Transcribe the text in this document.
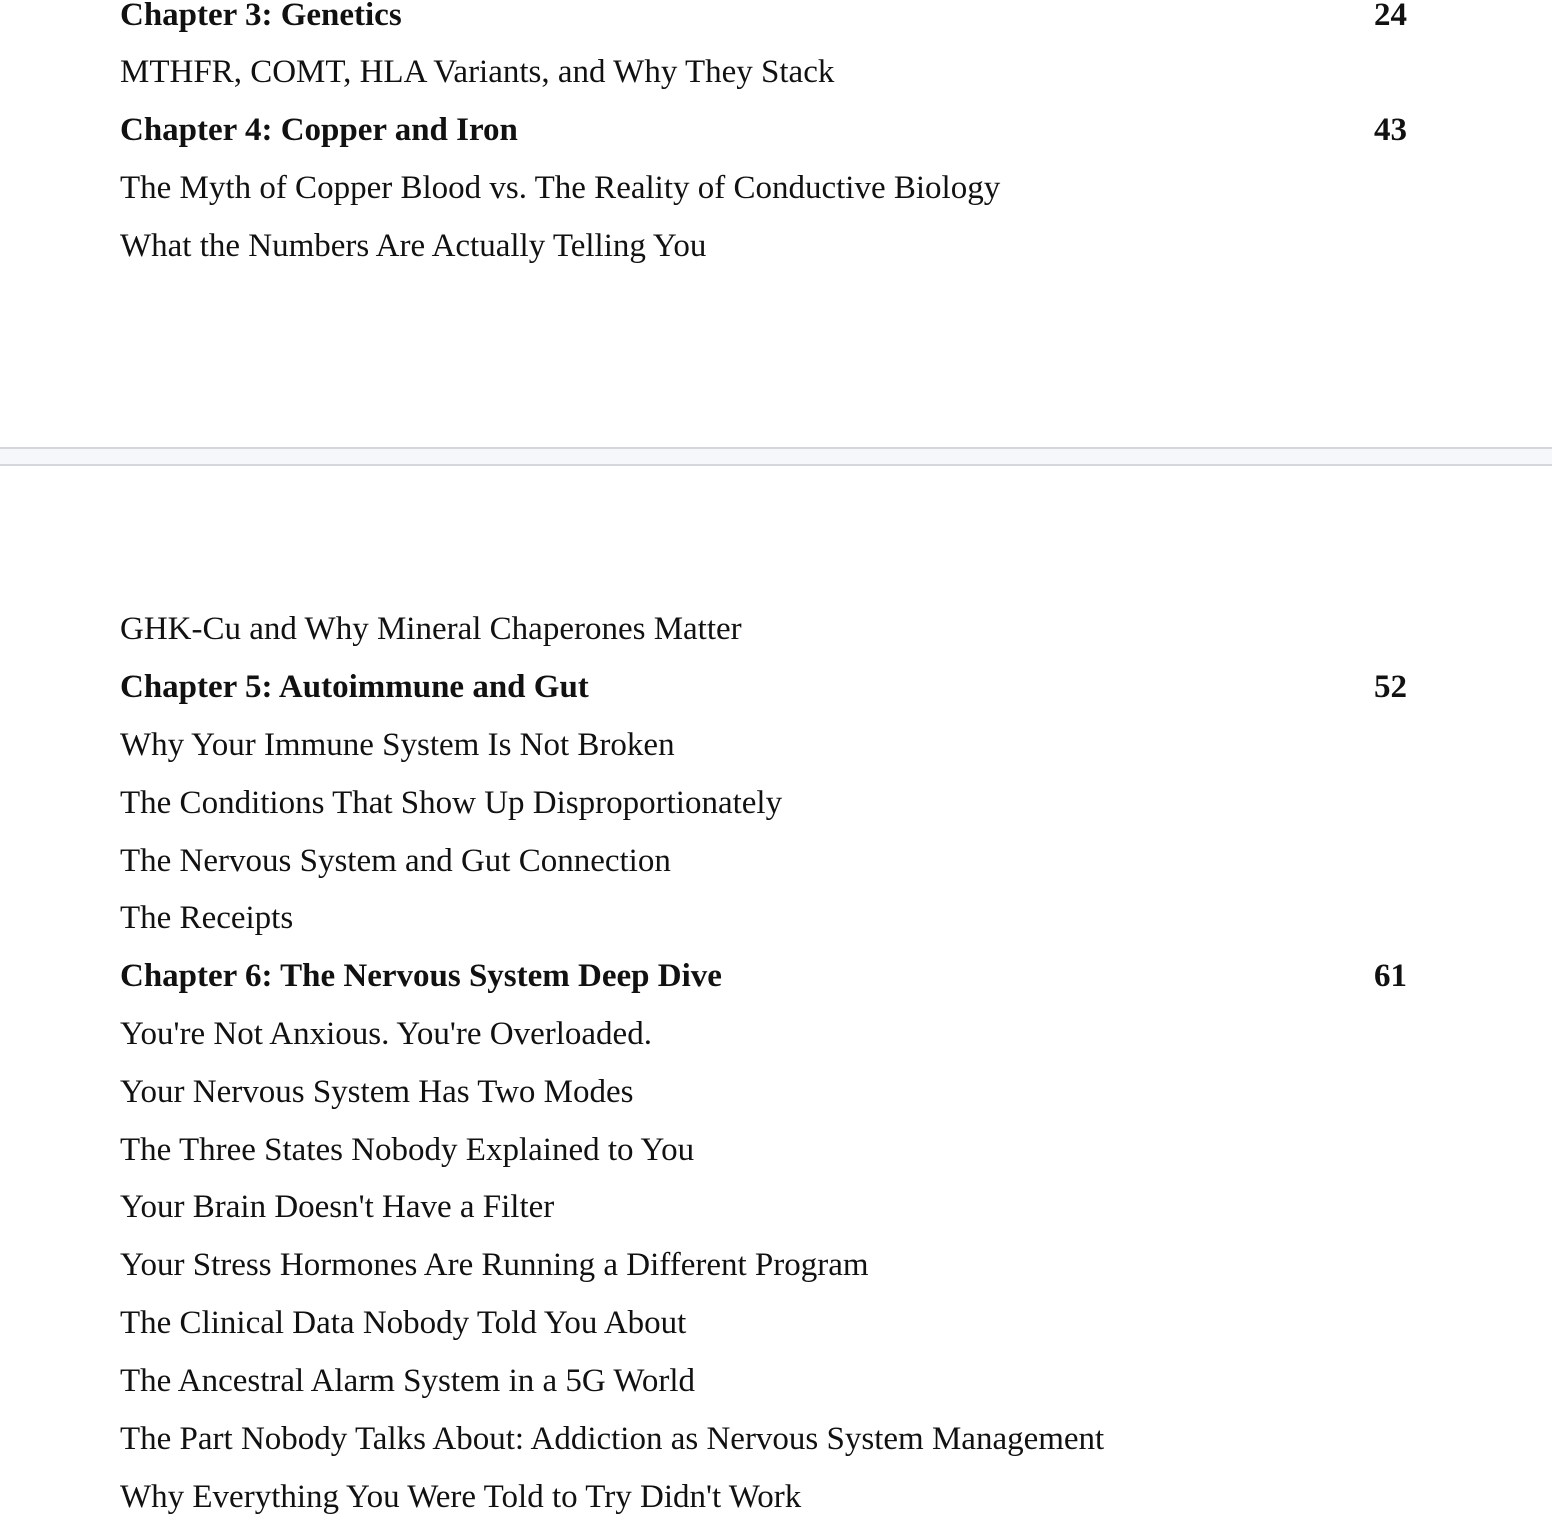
Chapter 3: Genetics	24
MTHFR, COMT, HLA Variants, and Why They Stack
Chapter 4: Copper and Iron	43
The Myth of Copper Blood vs. The Reality of Conductive Biology
What the Numbers Are Actually Telling You
GHK-Cu and Why Mineral Chaperones Matter
Chapter 5: Autoimmune and Gut	52
Why Your Immune System Is Not Broken
The Conditions That Show Up Disproportionately
The Nervous System and Gut Connection
The Receipts
Chapter 6: The Nervous System Deep Dive	61
You're Not Anxious. You're Overloaded.
Your Nervous System Has Two Modes
The Three States Nobody Explained to You
Your Brain Doesn't Have a Filter
Your Stress Hormones Are Running a Different Program
The Clinical Data Nobody Told You About
The Ancestral Alarm System in a 5G World
The Part Nobody Talks About: Addiction as Nervous System Management
Why Everything You Were Told to Try Didn't Work
